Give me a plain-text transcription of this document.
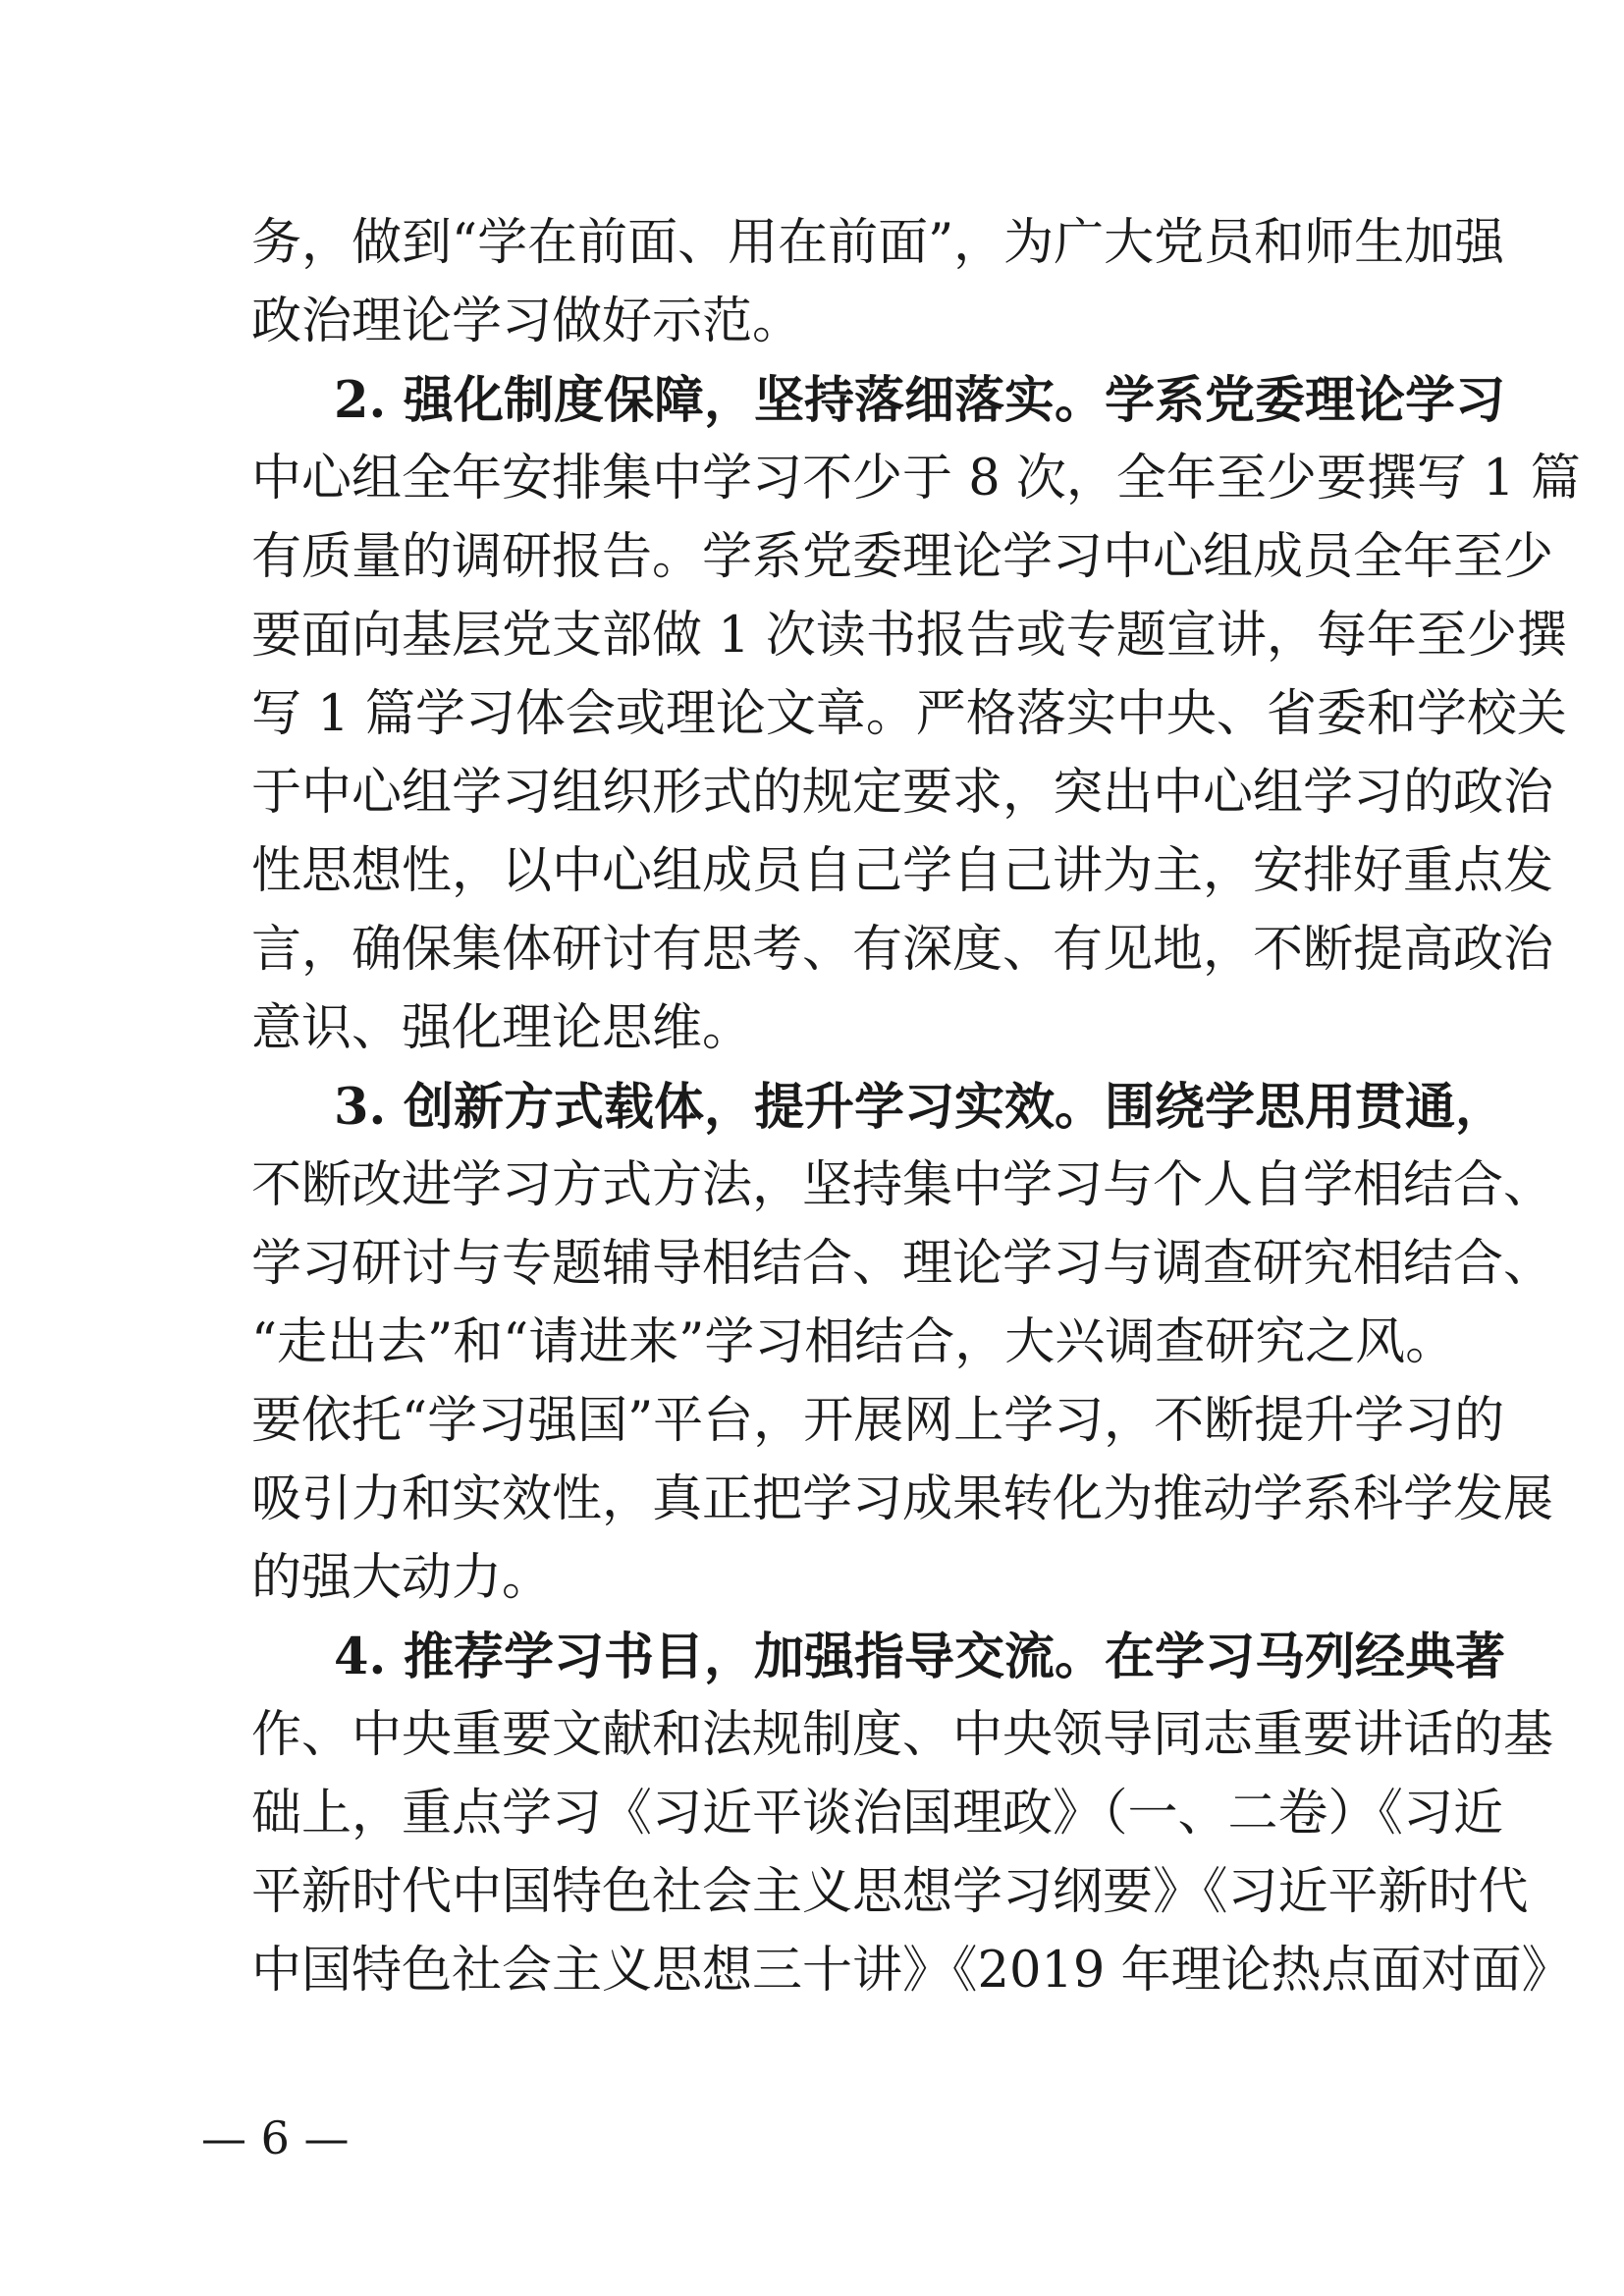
务，做到“学在前面、用在前面”，为广大党员和师生加强
政治理论学习做好示范。
2. 强化制度保障，坚持落细落实。学系党委理论学习
中心组全年安排集中学习不少于 8 次，全年至少要撰写 1 篇
有质量的调研报告。学系党委理论学习中心组成员全年至少
要面向基层党支部做 1 次读书报告或专题宣讲，每年至少撰
写 1 篇学习体会或理论文章。严格落实中央、省委和学校关
于中心组学习组织形式的规定要求，突出中心组学习的政治
性思想性，以中心组成员自己学自己讲为主，安排好重点发
言，确保集体研讨有思考、有深度、有见地，不断提高政治
意识、强化理论思维。
3. 创新方式载体，提升学习实效。围绕学思用贯通，
不断改进学习方式方法，坚持集中学习与个人自学相结合、
学习研讨与专题辅导相结合、理论学习与调查研究相结合、
“走出去”和“请进来”学习相结合，大兴调查研究之风。
要依托“学习强国”平台，开展网上学习，不断提升学习的
吸引力和实效性，真正把学习成果转化为推动学系科学发展
的强大动力。
4. 推荐学习书目，加强指导交流。在学习马列经典著
作、中央重要文献和法规制度、中央领导同志重要讲话的基
础上，重点学习《习近平谈治国理政》（一、二卷）《习近
平新时代中国特色社会主义思想学习纲要》《习近平新时代
中国特色社会主义思想三十讲》《2019 年理论热点面对面》
— 6 —
